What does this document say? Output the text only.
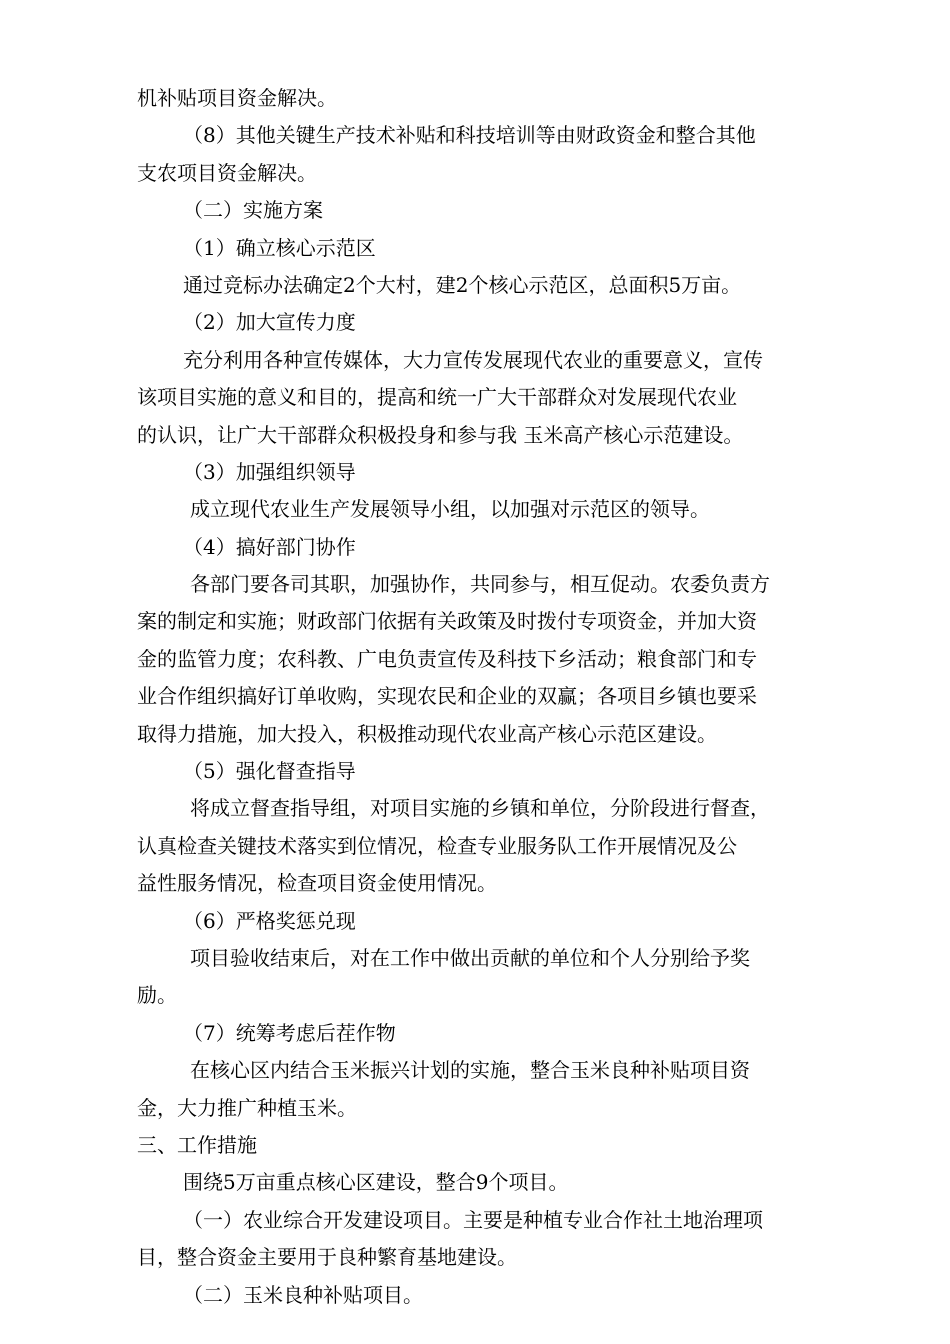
机补贴项目资金解决。
（8）其他关键生产技术补贴和科技培训等由财政资金和整合其他
支农项目资金解决。
（二）实施方案
（1）确立核心示范区
通过竞标办法确定2个大村，建2个核心示范区，总面积5万亩。
（2）加大宣传力度
充分利用各种宣传媒体，大力宣传发展现代农业的重要意义，宣传
该项目实施的意义和目的，提高和统一广大干部群众对发展现代农业
的认识，让广大干部群众积极投身和参与我 玉米高产核心示范建设。
（3）加强组织领导
成立现代农业生产发展领导小组，以加强对示范区的领导。
（4）搞好部门协作
各部门要各司其职，加强协作，共同参与，相互促动。农委负责方
案的制定和实施；财政部门依据有关政策及时拨付专项资金，并加大资
金的监管力度；农科教、广电负责宣传及科技下乡活动；粮食部门和专
业合作组织搞好订单收购，实现农民和企业的双赢；各项目乡镇也要采
取得力措施，加大投入，积极推动现代农业高产核心示范区建设。
（5）强化督查指导
将成立督查指导组，对项目实施的乡镇和单位，分阶段进行督查，
认真检查关键技术落实到位情况，检查专业服务队工作开展情况及公
益性服务情况，检查项目资金使用情况。
（6）严格奖惩兑现
项目验收结束后，对在工作中做出贡献的单位和个人分别给予奖
励。
（7）统筹考虑后茬作物
在核心区内结合玉米振兴计划的实施，整合玉米良种补贴项目资
金，大力推广种植玉米。
三、工作措施
围绕5万亩重点核心区建设，整合9个项目。
（一）农业综合开发建设项目。主要是种植专业合作社土地治理项
目，整合资金主要用于良种繁育基地建设。
（二）玉米良种补贴项目。
